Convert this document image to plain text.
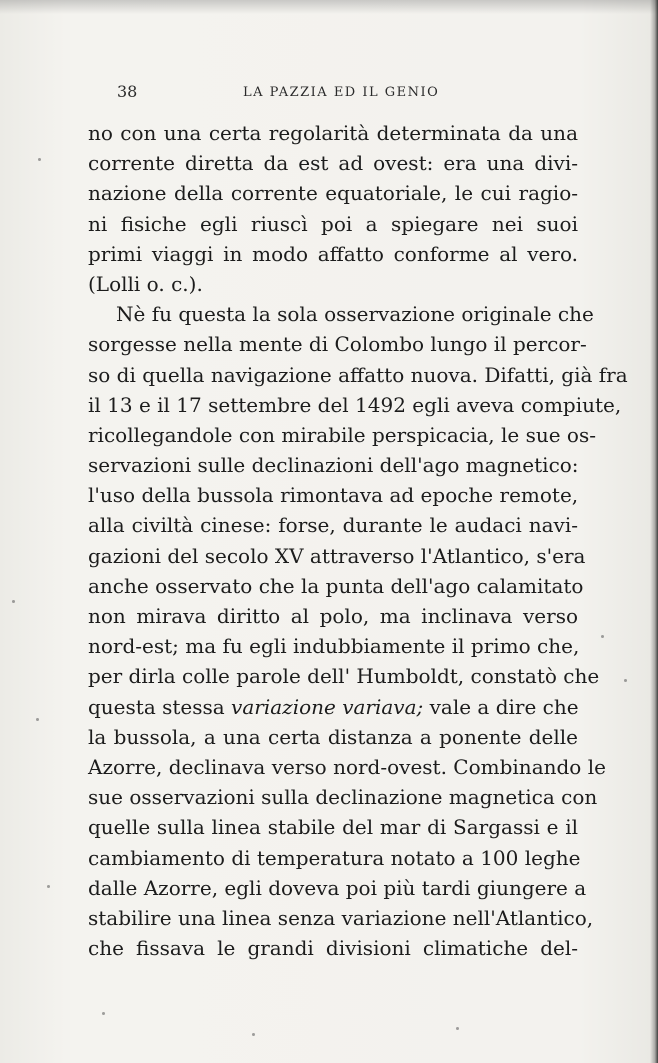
38	LA PAZZIA ED IL GENIO
no con una certa regolarità determinata da una
corrente diretta da est ad ovest: era una divi-
nazione della corrente equatoriale, le cui ragio-
ni fisiche egli riuscì poi a spiegare nei suoi
primi viaggi in modo affatto conforme al vero.
(Lolli o. c.).
Nè fu questa la sola osservazione originale che
sorgesse nella mente di Colombo lungo il percor-
so di quella navigazione affatto nuova. Difatti, già fra
il 13 e il 17 settembre del 1492 egli aveva compiute,
ricollegandole con mirabile perspicacia, le sue os-
servazioni sulle declinazioni dell'ago magnetico:
l'uso della bussola rimontava ad epoche remote,
alla civiltà cinese: forse, durante le audaci navi-
gazioni del secolo XV attraverso l'Atlantico, s'era
anche osservato che la punta dell'ago calamitato
non mirava diritto al polo, ma inclinava verso
nord-est; ma fu egli indubbiamente il primo che,
per dirla colle parole dell' Humboldt, constatò che
questa stessa variazione variava; vale a dire che
la bussola, a una certa distanza a ponente delle
Azorre, declinava verso nord-ovest. Combinando le
sue osservazioni sulla declinazione magnetica con
quelle sulla linea stabile del mar di Sargassi e il
cambiamento di temperatura notato a 100 leghe
dalle Azorre, egli doveva poi più tardi giungere a
stabilire una linea senza variazione nell'Atlantico,
che fissava le grandi divisioni climatiche del-
